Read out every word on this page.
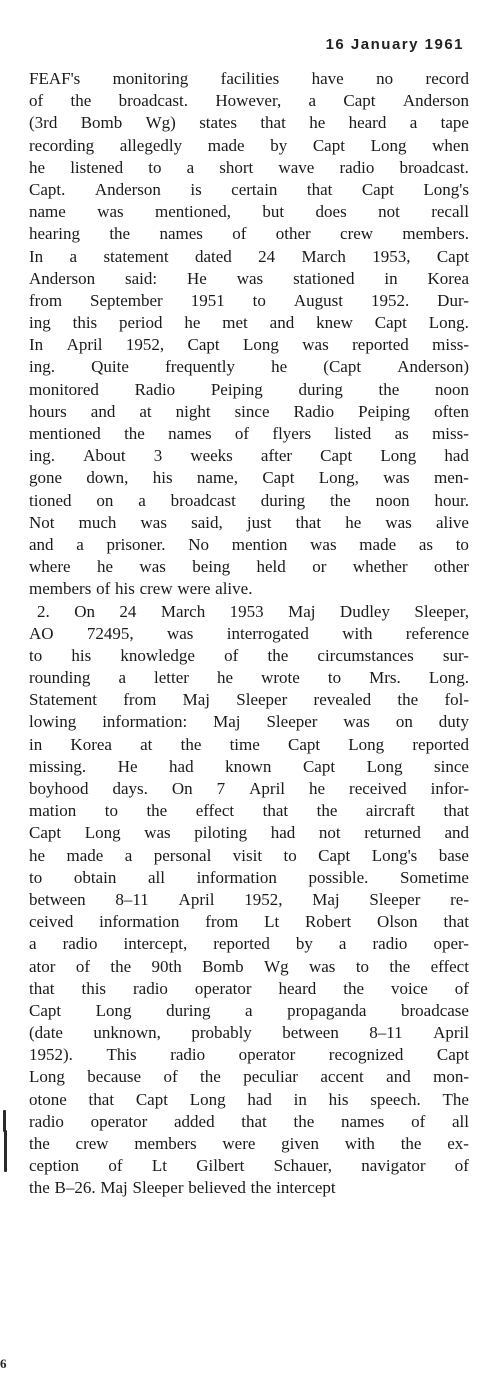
16 January 1961
FEAF's monitoring facilities have no record
of the broadcast. However, a Capt Anderson
(3rd Bomb Wg) states that he heard a tape
recording allegedly made by Capt Long when
he listened to a short wave radio broadcast.
Capt. Anderson is certain that Capt Long's
name was mentioned, but does not recall
hearing the names of other crew members.
In a statement dated 24 March 1953, Capt
Anderson said: He was stationed in Korea
from September 1951 to August 1952. Dur-
ing this period he met and knew Capt Long.
In April 1952, Capt Long was reported miss-
ing. Quite frequently he (Capt Anderson)
monitored Radio Peiping during the noon
hours and at night since Radio Peiping often
mentioned the names of flyers listed as miss-
ing. About 3 weeks after Capt Long had
gone down, his name, Capt Long, was men-
tioned on a broadcast during the noon hour.
Not much was said, just that he was alive
and a prisoner. No mention was made as to
where he was being held or whether other
members of his crew were alive.
2. On 24 March 1953 Maj Dudley Sleeper,
AO 72495, was interrogated with reference
to his knowledge of the circumstances sur-
rounding a letter he wrote to Mrs. Long.
Statement from Maj Sleeper revealed the fol-
lowing information: Maj Sleeper was on duty
in Korea at the time Capt Long reported
missing. He had known Capt Long since
boyhood days. On 7 April he received infor-
mation to the effect that the aircraft that
Capt Long was piloting had not returned and
he made a personal visit to Capt Long's base
to obtain all information possible. Sometime
between 8–11 April 1952, Maj Sleeper re-
ceived information from Lt Robert Olson that
a radio intercept, reported by a radio oper-
ator of the 90th Bomb Wg was to the effect
that this radio operator heard the voice of
Capt Long during a propaganda broadcase
(date unknown, probably between 8–11 April
1952). This radio operator recognized Capt
Long because of the peculiar accent and mon-
otone that Capt Long had in his speech. The
radio operator added that the names of all
the crew members were given with the ex-
ception of Lt Gilbert Schauer, navigator of
the B–26. Maj Sleeper believed the intercept
6
